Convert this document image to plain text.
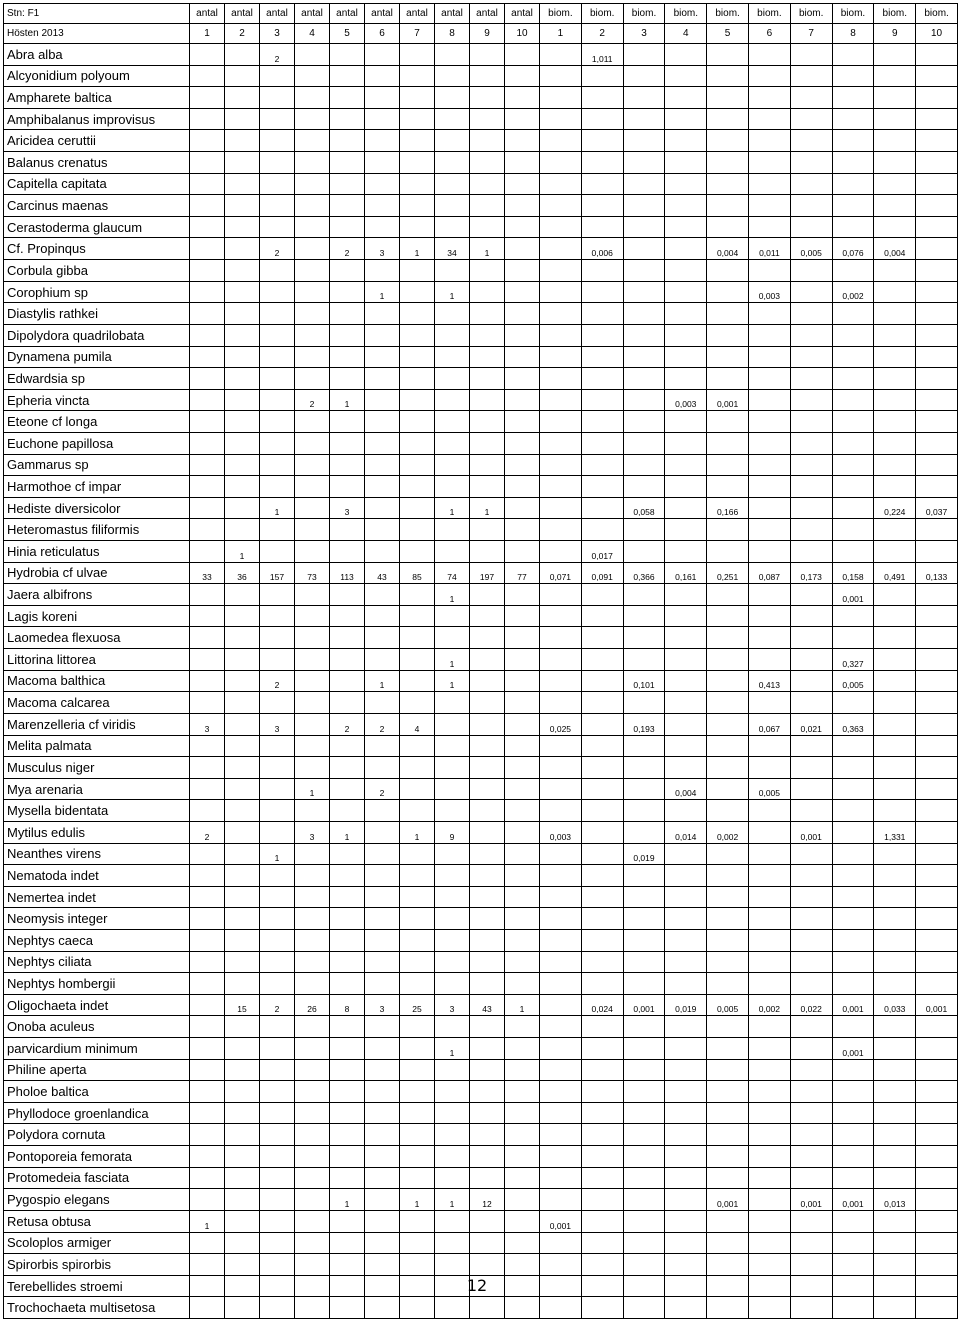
Stn: F1	antal	antal	antal	antal	antal	antal	antal	antal	antal	antal	biom.	biom.	biom.	biom.	biom.	biom.	biom.	biom.	biom.	biom.
Hösten 2013	1	2	3	4	5	6	7	8	9	10	1	2	3	4	5	6	7	8	9	10
Abra alba			2									1,011								
Alcyonidium polyoum																				
Ampharete baltica																				
Amphibalanus improvisus																				
Aricidea ceruttii																				
Balanus crenatus																				
Capitella capitata																				
Carcinus maenas																				
Cerastoderma glaucum																				
Cf. Propinqus			2		2	3	1	34	1			0,006			0,004	0,011	0,005	0,076	0,004	
Corbula gibba																				
Corophium sp						1		1								0,003		0,002		
Diastylis rathkei																				
Dipolydora quadrilobata																				
Dynamena pumila																				
Edwardsia sp																				
Epheria vincta				2	1									0,003	0,001					
Eteone cf longa																				
Euchone papillosa																				
Gammarus sp																				
Harmothoe cf impar																				
Hediste diversicolor			1		3			1	1				0,058		0,166				0,224	0,037
Heteromastus filiformis																				
Hinia reticulatus		1										0,017								
Hydrobia cf ulvae	33	36	157	73	113	43	85	74	197	77	0,071	0,091	0,366	0,161	0,251	0,087	0,173	0,158	0,491	0,133
Jaera albifrons								1										0,001		
Lagis koreni																				
Laomedea flexuosa																				
Littorina littorea								1										0,327		
Macoma balthica			2			1		1					0,101			0,413		0,005		
Macoma calcarea																				
Marenzelleria cf viridis	3		3		2	2	4				0,025		0,193			0,067	0,021	0,363		
Melita palmata																				
Musculus niger																				
Mya arenaria				1		2								0,004		0,005				
Mysella bidentata																				
Mytilus edulis	2			3	1		1	9			0,003			0,014	0,002		0,001		1,331	
Neanthes virens			1										0,019							
Nematoda indet																				
Nemertea indet																				
Neomysis integer																				
Nephtys caeca																				
Nephtys ciliata																				
Nephtys hombergii																				
Oligochaeta indet		15	2	26	8	3	25	3	43	1		0,024	0,001	0,019	0,005	0,002	0,022	0,001	0,033	0,001
Onoba aculeus																				
parvicardium minimum								1										0,001		
Philine aperta																				
Pholoe baltica																				
Phyllodoce groenlandica																				
Polydora cornuta																				
Pontoporeia femorata																				
Protomedeia fasciata																				
Pygospio elegans					1		1	1	12						0,001		0,001	0,001	0,013	
Retusa obtusa	1										0,001									
Scoloplos armiger																				
Spirorbis spirorbis																				
Terebellides stroemi																				
Trochochaeta multisetosa																				
12
